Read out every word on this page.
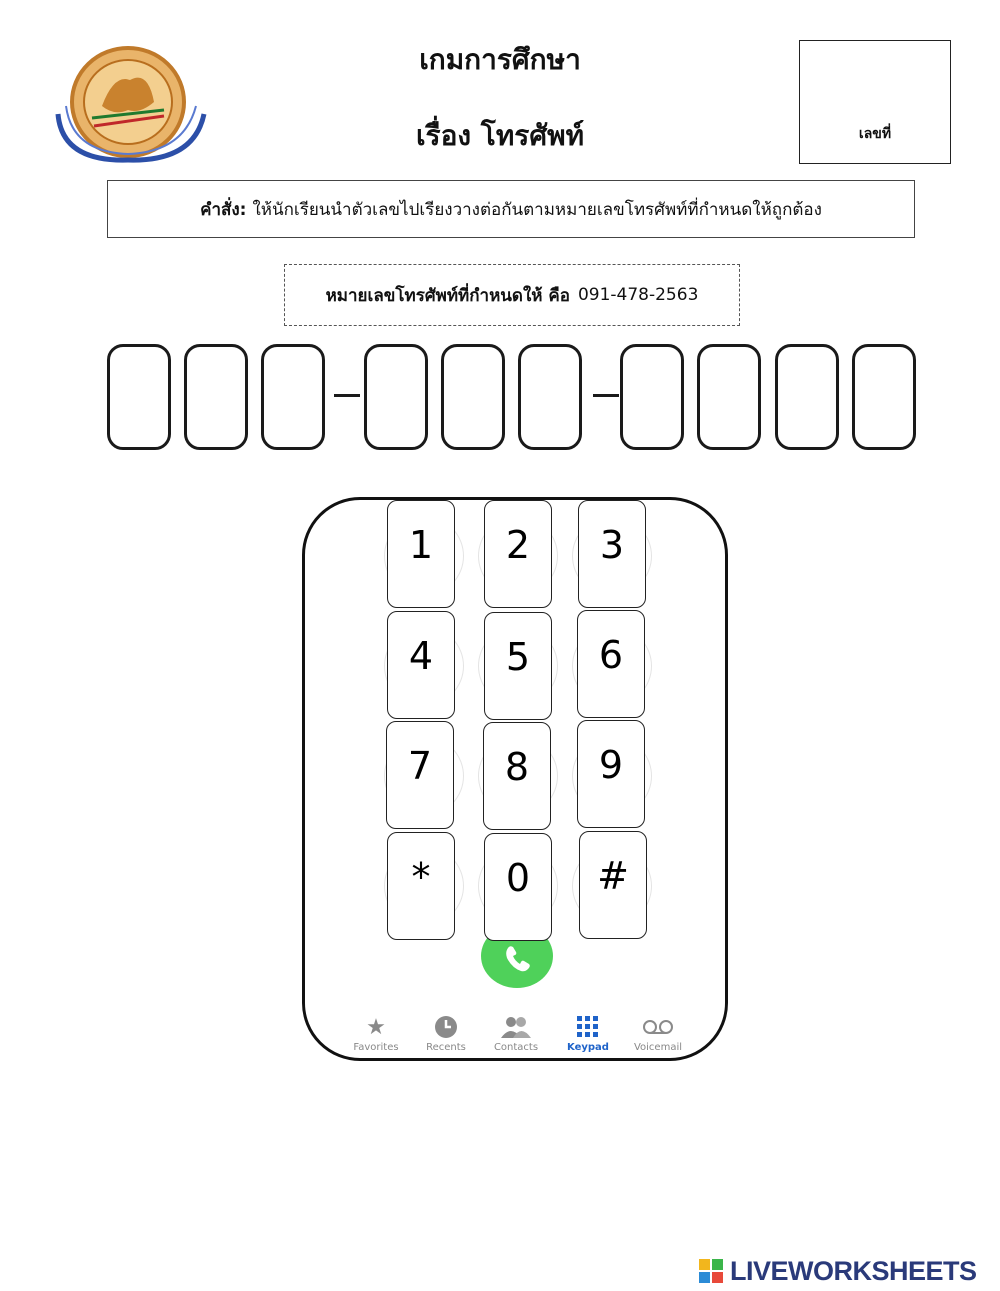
เกมการศึกษา
เรื่อง โทรศัพท์	เลขที่
คำสั่ง: ให้นักเรียนนำตัวเลขไปเรียงวางต่อกันตามหมายเลขโทรศัพท์ที่กำหนดให้ถูกต้อง
หมายเลขโทรศัพท์ที่กำหนดให้ คือ 091-478-2563
1	2	3
4	5	6
7	8	9
*	0	#
★
Favorites	Recents	Contacts	Keypad	Voicemail
LIVEWORKSHEETS
